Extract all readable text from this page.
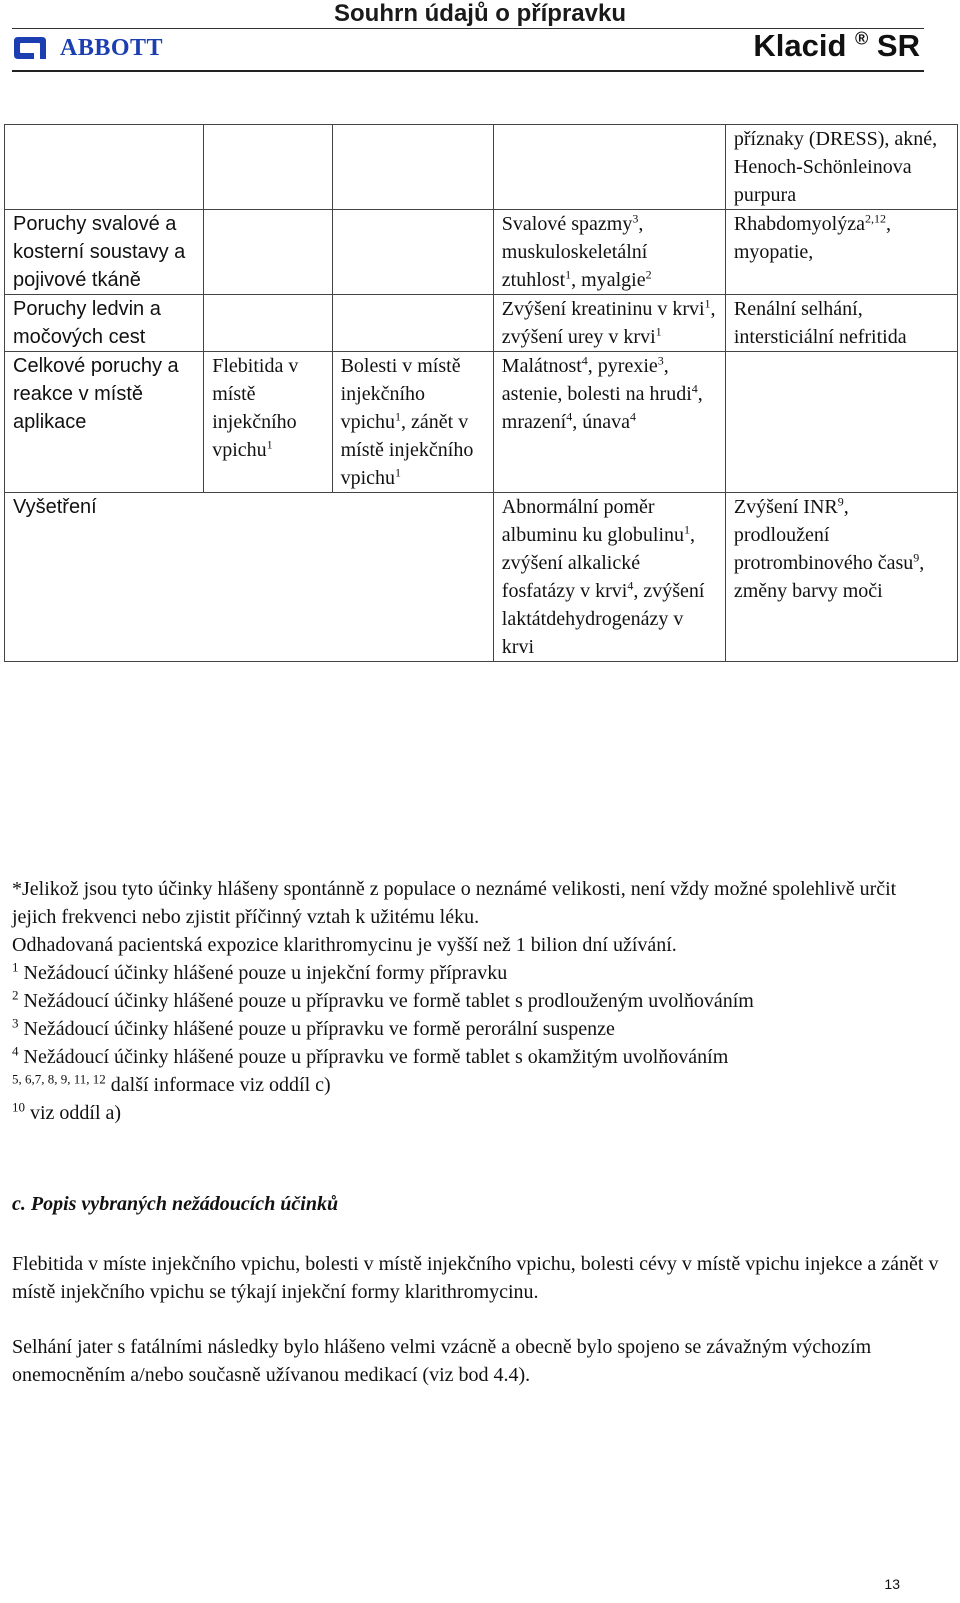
Souhrn údajů o přípravku
ABBOTT	Klacid ® SR
				příznaky (DRESS), akné, Henoch-Schönleinova purpura
Poruchy svalové a kosterní soustavy a pojivové tkáně			Svalové spazmy$^3$, muskuloskeletální ztuhlost$^1$, myalgie$^2$	Rhabdomyolýza$^{2,12}$, myopatie,
Poruchy ledvin a močových cest			Zvýšení kreatininu v krvi$^1$, zvýšení urey v krvi$^1$	Renální selhání, intersticiální nefritida
Celkové poruchy a reakce v místě aplikace	Flebitida v místě injekčního vpichu$^1$	Bolesti v místě injekčního vpichu$^1$, zánět v místě injekčního vpichu$^1$	Malátnost$^4$, pyrexie$^3$, astenie, bolesti na hrudi$^4$, mrazení$^4$, únava$^4$	
Vyšetření			Abnormální poměr albuminu ku globulinu$^1$, zvýšení alkalické fosfatázy v krvi$^4$, zvýšení laktátdehydrogenázy v krvi	Zvýšení INR$^9$, prodloužení protrombinového času$^9$, změny barvy moči

*Jelikož jsou tyto účinky hlášeny spontánně z populace o neznámé velikosti, není vždy možné spolehlivě určit jejich frekvenci nebo zjistit příčinný vztah k užitému léku.

Odhadovaná pacientská expozice klarithromycinu je vyšší než 1 bilion dní užívání.

$^1$ Nežádoucí účinky hlášené pouze u injekční formy přípravku

$^2$ Nežádoucí účinky hlášené pouze u přípravku ve formě tablet s prodlouženým uvolňováním

$^3$ Nežádoucí účinky hlášené pouze u přípravku ve formě perorální suspenze

$^4$ Nežádoucí účinky hlášené pouze u přípravku ve formě tablet s okamžitým uvolňováním

$^{5, 6,7, 8, 9, 11, 12}$ další informace viz oddíl c)

$^{10}$ viz oddíl a)

c. Popis vybraných nežádoucích účinků

Flebitida v míste injekčního vpichu, bolesti v místě injekčního vpichu, bolesti cévy v místě vpichu injekce a zánět v místě injekčního vpichu se týkají injekční formy klarithromycinu.

Selhání jater s fatálními následky bylo hlášeno velmi vzácně a obecně bylo spojeno se závažným výchozím onemocněním a/nebo současně užívanou medikací (viz bod 4.4).

13
